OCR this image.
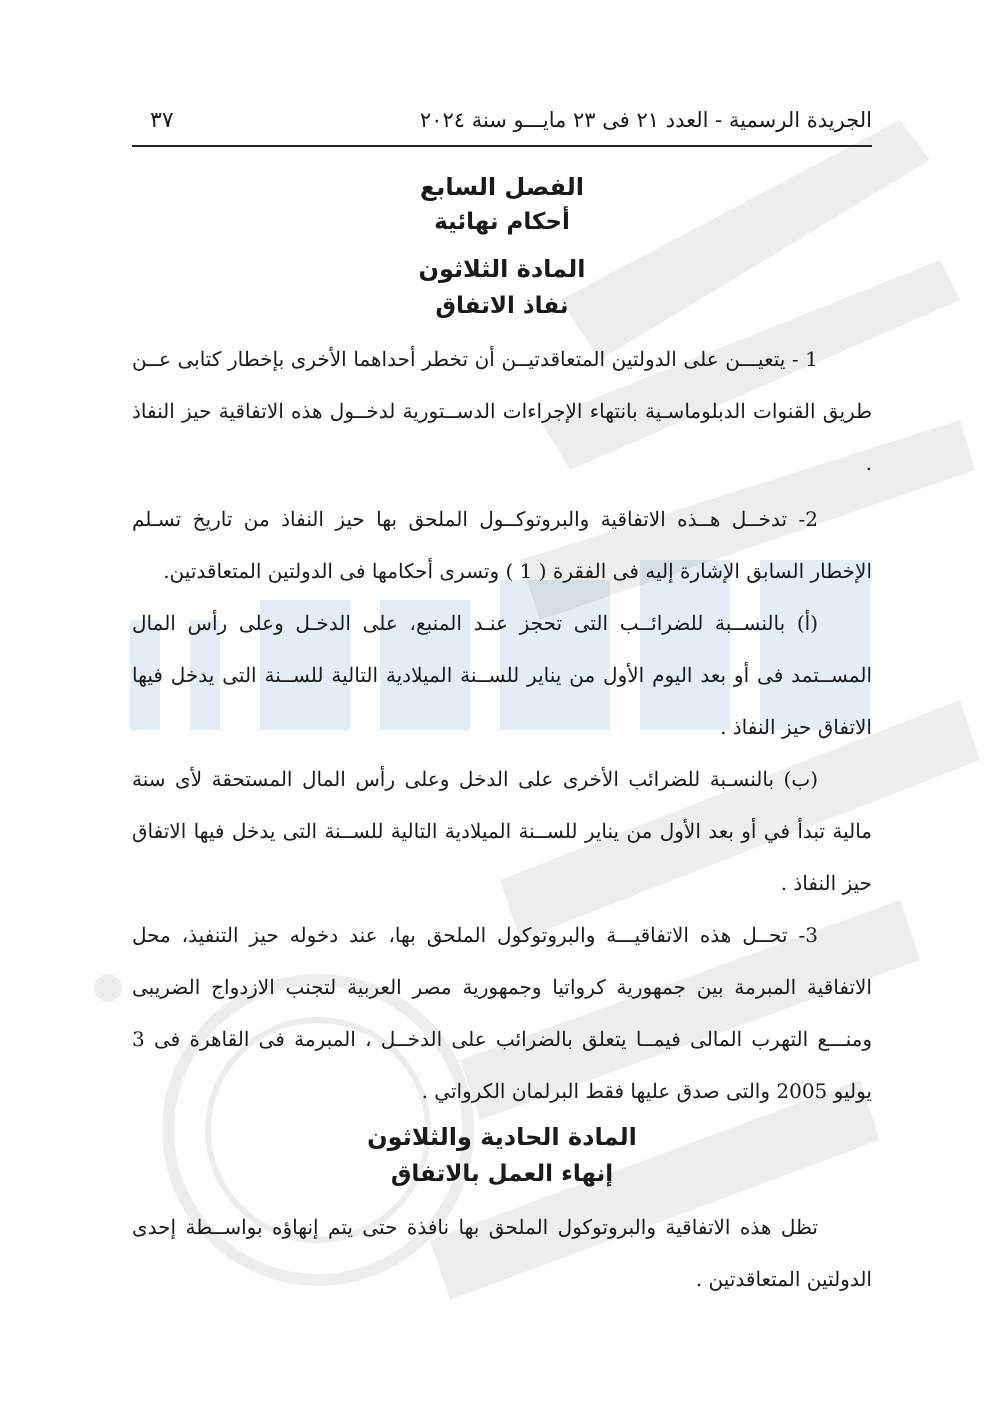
الجريدة الرسمية - العدد ٢١ فى ٢٣ مايـــو سنة ٢٠٢٤
٣٧
الفصل السابع
أحكام نهائية
المادة الثلاثون
نفاذ الاتفاق

1 - يتعيـــن على الدولتين المتعاقدتيــن أن تخطر أحداهما الأخرى بإخطار كتابى عــن طريق القنوات الدبلوماسـية بانتهاء الإجراءات الدســتورية لدخــول هذه الاتفاقية حيز النفاذ .

2- تدخــل هــذه الاتفاقية والبروتوكــول الملحق بها حيز النفاذ من تاريخ تسـلم الإخطار السابق الإشارة إليه فى الفقرة ( 1 ) وتسرى أحكامها فى الدولتين المتعاقدتين.

(أ) بالنســبة للضرائــب التى تحجز عنـد المنبع، على الدخـل وعلى رأس المال المســتمد فى أو بعد اليوم الأول من يناير للســنة الميلادية التالية للســنة التى يدخل فيها الاتفاق حيز النفاذ .

(ب) بالنسـبة للضرائب الأخرى على الدخل وعلى رأس المال المستحقة لأى سنة مالية تبدأ في أو بعد الأول من يناير للســنة الميلادية التالية للســنة التى يدخل فيها الاتفاق حيز النفاذ .

3- تحــل هذه الاتفاقيـــة والبروتوكول الملحق بها، عند دخوله حيز التنفيذ، محل الاتفاقية المبرمة بين جمهورية كرواتيا وجمهورية مصر العربية لتجنب الازدواج الضريبى ومنـــع التهرب المالى فيمــا يتعلق بالضرائب على الدخــل ، المبرمة فى القاهرة فى 3 يوليو 2005 والتى صدق عليها فقط البرلمان الكرواتي .

المادة الحادية والثلاثون
إنهاء العمل بالاتفاق

تظل هذه الاتفاقية والبروتوكول الملحق بها نافذة حتى يتم إنهاؤه بواســطة إحدى الدولتين المتعاقدتين .
